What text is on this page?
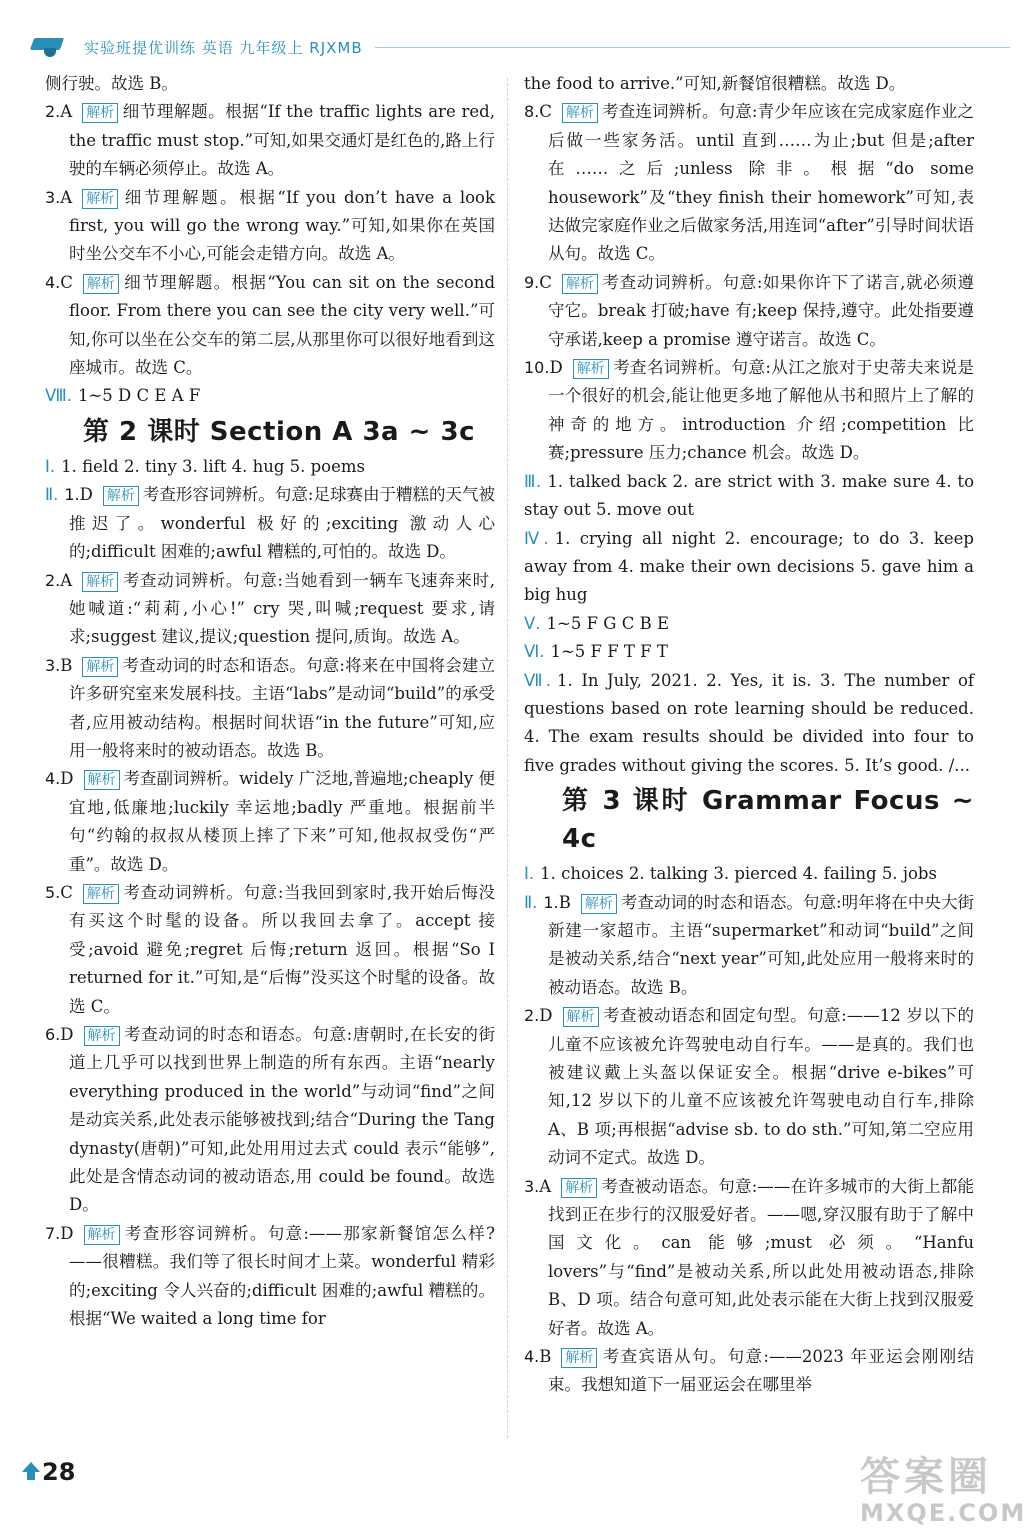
实验班提优训练 英语 九年级上 RJXMB

侧行驶。故选 B。

2.A 解析 细节理解题。根据“If the traffic lights are red, the traffic must stop.”可知,如果交通灯是红色的,路上行驶的车辆必须停止。故选 A。

3.A 解析 细节理解题。根据“If you don’t have a look first, you will go the wrong way.”可知,如果你在英国时坐公交车不小心,可能会走错方向。故选 A。

4.C 解析 细节理解题。根据“You can sit on the second floor. From there you can see the city very well.”可知,你可以坐在公交车的第二层,从那里你可以很好地看到这座城市。故选 C。

Ⅷ. 1~5 D C E A F

第 2 课时 Section A 3a ~ 3c

Ⅰ. 1. field 2. tiny 3. lift 4. hug 5. poems

Ⅱ. 1.D 解析 考查形容词辨析。句意:足球赛由于糟糕的天气被推迟了。wonderful 极好的;exciting 激动人心的;difficult 困难的;awful 糟糕的,可怕的。故选 D。

2.A 解析 考查动词辨析。句意:当她看到一辆车飞速奔来时,她喊道:“莉莉,小心!” cry 哭,叫喊;request 要求,请求;suggest 建议,提议;question 提问,质询。故选 A。

3.B 解析 考查动词的时态和语态。句意:将来在中国将会建立许多研究室来发展科技。主语“labs”是动词“build”的承受者,应用被动结构。根据时间状语“in the future”可知,应用一般将来时的被动语态。故选 B。

4.D 解析 考查副词辨析。widely 广泛地,普遍地;cheaply 便宜地,低廉地;luckily 幸运地;badly 严重地。根据前半句“约翰的叔叔从楼顶上摔了下来”可知,他叔叔受伤“严重”。故选 D。

5.C 解析 考查动词辨析。句意:当我回到家时,我开始后悔没有买这个时髦的设备。所以我回去拿了。accept 接受;avoid 避免;regret 后悔;return 返回。根据“So I returned for it.”可知,是“后悔”没买这个时髦的设备。故选 C。

6.D 解析 考查动词的时态和语态。句意:唐朝时,在长安的街道上几乎可以找到世界上制造的所有东西。主语“nearly everything produced in the world”与动词“find”之间是动宾关系,此处表示能够被找到;结合“During the Tang dynasty(唐朝)”可知,此处用用过去式 could 表示“能够”,此处是含情态动词的被动语态,用 could be found。故选 D。

7.D 解析 考查形容词辨析。句意:——那家新餐馆怎么样?——很糟糕。我们等了很长时间才上菜。wonderful 精彩的;exciting 令人兴奋的;difficult 困难的;awful 糟糕的。根据“We waited a long time for

the food to arrive.”可知,新餐馆很糟糕。故选 D。

8.C 解析 考查连词辨析。句意:青少年应该在完成家庭作业之后做一些家务活。until 直到……为止;but 但是;after 在……之后;unless 除非。根据“do some housework”及“they finish their homework”可知,表达做完家庭作业之后做家务活,用连词“after”引导时间状语从句。故选 C。

9.C 解析 考查动词辨析。句意:如果你许下了诺言,就必须遵守它。break 打破;have 有;keep 保持,遵守。此处指要遵守承诺,keep a promise 遵守诺言。故选 C。

10.D 解析 考查名词辨析。句意:从江之旅对于史蒂夫来说是一个很好的机会,能让他更多地了解他从书和照片上了解的神奇的地方。introduction 介绍;competition 比赛;pressure 压力;chance 机会。故选 D。

Ⅲ. 1. talked back 2. are strict with 3. make sure 4. to stay out 5. move out

Ⅳ. 1. crying all night 2. encourage; to do 3. keep away from 4. make their own decisions 5. gave him a big hug

Ⅴ. 1~5 F G C B E

Ⅵ. 1~5 F F T F T

Ⅶ. 1. In July, 2021. 2. Yes, it is. 3. The number of questions based on rote learning should be reduced. 4. The exam results should be divided into four to five grades without giving the scores. 5. It’s good. /...

第 3 课时 Grammar Focus ~ 4c

Ⅰ. 1. choices 2. talking 3. pierced 4. failing 5. jobs

Ⅱ. 1.B 解析 考查动词的时态和语态。句意:明年将在中央大街新建一家超市。主语“supermarket”和动词“build”之间是被动关系,结合“next year”可知,此处应用一般将来时的被动语态。故选 B。

2.D 解析 考查被动语态和固定句型。句意:——12 岁以下的儿童不应该被允许驾驶电动自行车。——是真的。我们也被建议戴上头盔以保证安全。根据“drive e-bikes”可知,12 岁以下的儿童不应该被允许驾驶电动自行车,排除 A、B 项;再根据“advise sb. to do sth.”可知,第二空应用动词不定式。故选 D。

3.A 解析 考查被动语态。句意:——在许多城市的大街上都能找到正在步行的汉服爱好者。——嗯,穿汉服有助于了解中国文化。can 能够;must 必须。“Hanfu lovers”与“find”是被动关系,所以此处用被动语态,排除 B、D 项。结合句意可知,此处表示能在大街上找到汉服爱好者。故选 A。

4.B 解析 考查宾语从句。句意:——2023 年亚运会刚刚结束。我想知道下一届亚运会在哪里举

28	答案圈
MXQE.COM
